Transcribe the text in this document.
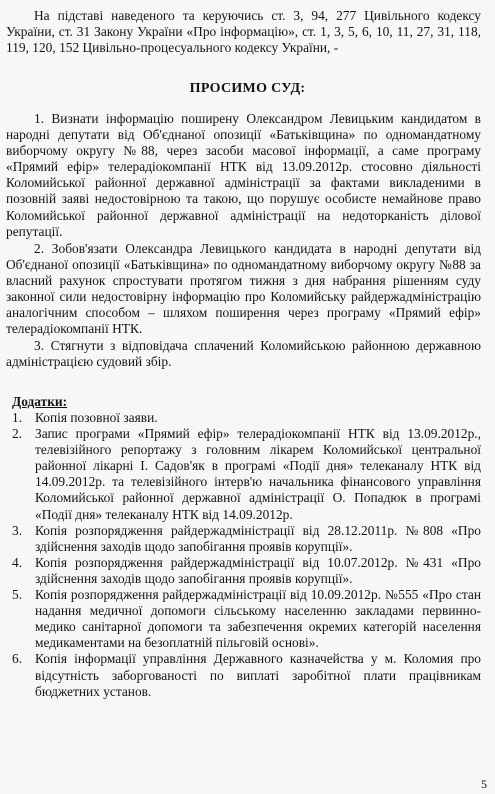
На підставі наведеного та керуючись ст. 3, 94, 277 Цивільного кодексу України, ст. 31 Закону України «Про інформацію», ст. 1, 3, 5, 6, 10, 11, 27, 31, 118, 119, 120, 152 Цивільно-процесуального кодексу України, -

ПРОСИМО СУД:

1. Визнати інформацію поширену Олександром Левицьким кандидатом в народні депутати від Об'єднаної опозиції «Батьківщина» по одномандатному виборчому округу №88, через засоби масової інформації, а саме програму «Прямий ефір» телерадіокомпанії НТК від 13.09.2012р. стосовно діяльності Коломийської районної державної адміністрації за фактами викладеними в позовній заяві недостовірною та такою, що порушує особисте немайнове право Коломийської районної державної адміністрації на недоторканість ділової репутації.

2. Зобов'язати Олександра Левицького кандидата в народні депутати від Об'єднаної опозиції «Батьківщина» по одномандатному виборчому округу №88 за власний рахунок спростувати протягом тижня з дня набрання рішенням суду законної сили недостовірну інформацію про Коломийську райдержадміністрацію аналогічним способом – шляхом поширення через програму «Прямий ефір» телерадіокомпанії НТК.

3. Стягнути з відповідача сплачений Коломийською районною державною адміністрацією судовий збір.

Додатки:
1. Копія позовної заяви.
2. Запис програми «Прямий ефір» телерадіокомпанії НТК від 13.09.2012р., телевізійного репортажу з головним лікарем Коломийської центральної районної лікарні І. Садов'як в програмі «Події дня» телеканалу НТК від 14.09.2012р. та телевізійного інтерв'ю начальника фінансового управління Коломийської районної державної адміністрації О. Попадюк в програмі «Події дня» телеканалу НТК від 14.09.2012р.
3. Копія розпорядження райдержадміністрації від 28.12.2011р. №808 «Про здійснення заходів щодо запобігання проявів корупції».
4. Копія розпорядження райдержадміністрації від 10.07.2012р. №431 «Про здійснення заходів щодо запобігання проявів корупції».
5. Копія розпорядження райдержадміністрації від 10.09.2012р. №555 «Про стан надання медичної допомоги сільському населенню закладами первинно-медико санітарної допомоги та забезпечення окремих категорій населення медикаментами на безоплатній пільговій основі».
6. Копія інформації управління Державного казначейства у м. Коломия про відсутність заборгованості по виплаті заробітної плати працівникам бюджетних установ.
5
